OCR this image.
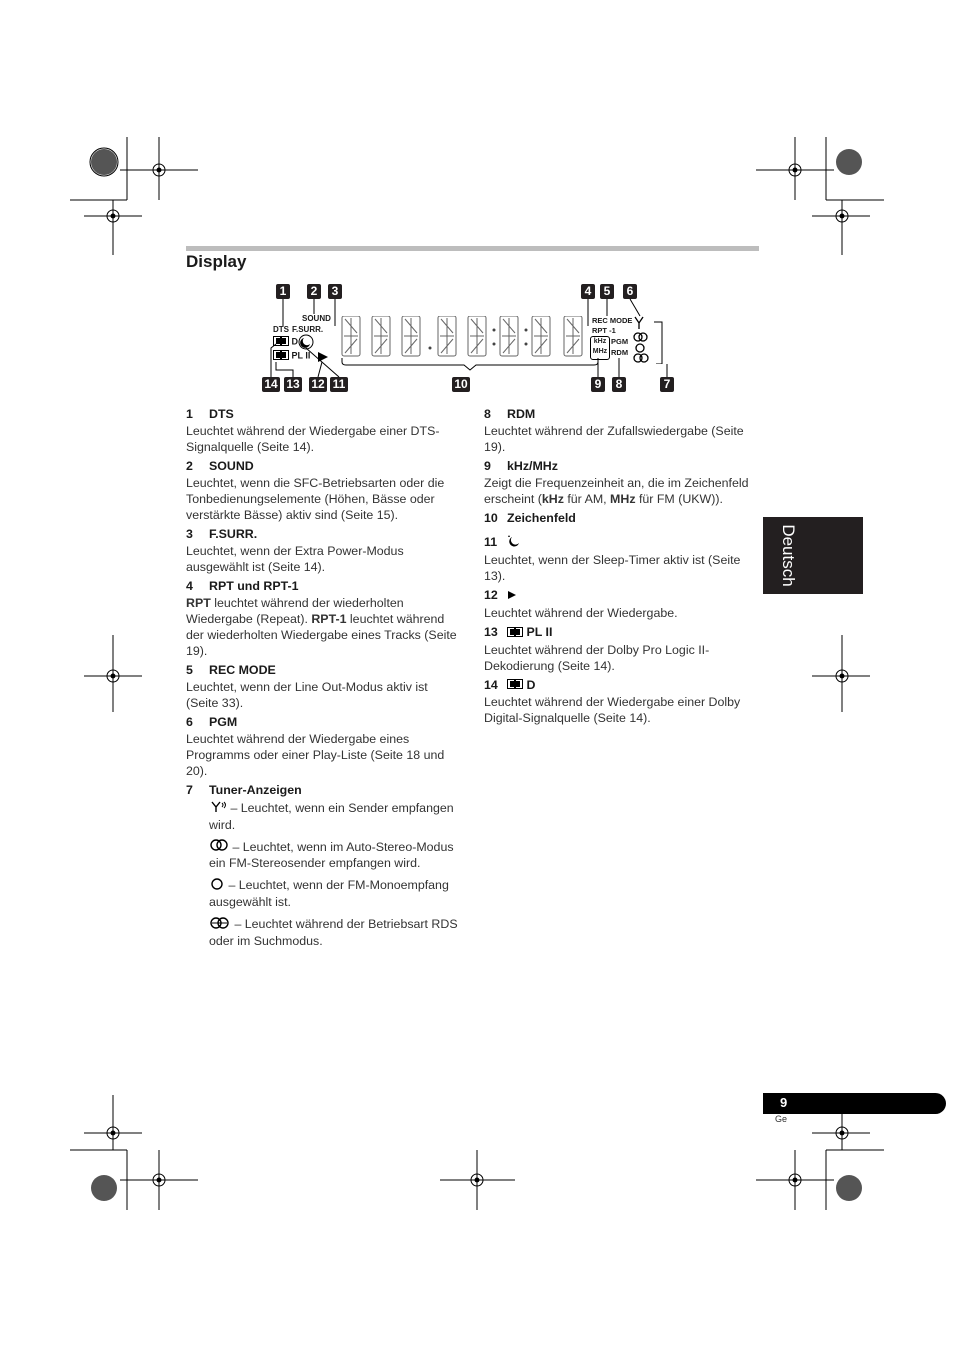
Display
1	2	3	4	5	6
SOUND
DTS F.SURR.
D
PL II
REC MODE
RPT -1
kHz
MHz
PGM
RDM
14 13 12 11	10	9	8	7
1 DTS
Leuchtet während der Wiedergabe einer DTS-Signalquelle (Seite 14).
2 SOUND
Leuchtet, wenn die SFC-Betriebsarten oder die Tonbedienungselemente (Höhen, Bässe oder verstärkte Bässe) aktiv sind (Seite 15).
3 F.SURR.
Leuchtet, wenn der Extra Power-Modus ausgewählt ist (Seite 14).
4 RPT und RPT-1
RPT leuchtet während der wiederholten Wiedergabe (Repeat). RPT-1 leuchtet während der wiederholten Wiedergabe eines Tracks (Seite 19).
5 REC MODE
Leuchtet, wenn der Line Out-Modus aktiv ist (Seite 33).
6 PGM
Leuchtet während der Wiedergabe eines Programms oder einer Play-Liste (Seite 18 und 20).
7 Tuner-Anzeigen
– Leuchtet, wenn ein Sender empfangen wird.
– Leuchtet, wenn im Auto-Stereo-Modus ein FM-Stereosender empfangen wird.
– Leuchtet, wenn der FM-Monoempfang ausgewählt ist.
– Leuchtet während der Betriebsart RDS oder im Suchmodus.
8 RDM
Leuchtet während der Zufallswiedergabe (Seite 19).
9 kHz/MHz
Zeigt die Frequenzeinheit an, die im Zeichenfeld erscheint (kHz für AM, MHz für FM (UKW)).
10 Zeichenfeld
11
Leuchtet, wenn der Sleep-Timer aktiv ist (Seite 13).
12
Leuchtet während der Wiedergabe.
13 PL II
Leuchtet während der Dolby Pro Logic II-Dekodierung (Seite 14).
14 D
Leuchtet während der Wiedergabe einer Dolby Digital-Signalquelle (Seite 14).
Deutsch
9
Ge
